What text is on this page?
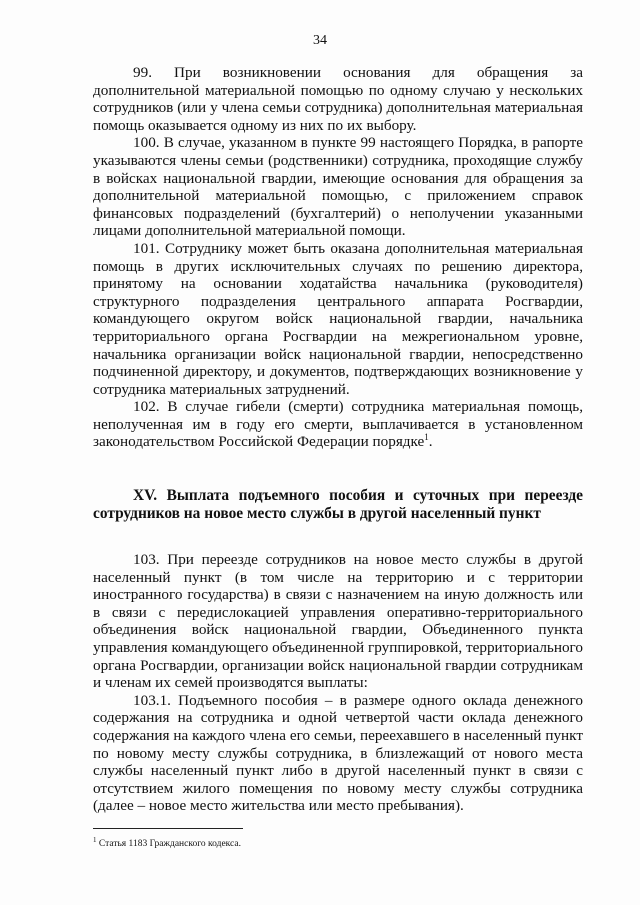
34

99. При возникновении основания для обращения за дополнительной материальной помощью по одному случаю у нескольких сотрудников (или у члена семьи сотрудника) дополнительная материальная помощь оказывается одному из них по их выбору.

100. В случае, указанном в пункте 99 настоящего Порядка, в рапорте указываются члены семьи (родственники) сотрудника, проходящие службу в войсках национальной гвардии, имеющие основания для обращения за дополнительной материальной помощью, с приложением справок финансовых подразделений (бухгалтерий) о неполучении указанными лицами дополнительной материальной помощи.

101. Сотруднику может быть оказана дополнительная материальная помощь в других исключительных случаях по решению директора, принятому на основании ходатайства начальника (руководителя) структурного подразделения центрального аппарата Росгвардии, командующего округом войск национальной гвардии, начальника территориального органа Росгвардии на межрегиональном уровне, начальника организации войск национальной гвардии, непосредственно подчиненной директору, и документов, подтверждающих возникновение у сотрудника материальных затруднений.

102. В случае гибели (смерти) сотрудника материальная помощь, неполученная им в году его смерти, выплачивается в установленном законодательством Российской Федерации порядке$^1$.

XV. Выплата подъемного пособия и суточных при переезде сотрудников на новое место службы в другой населенный пункт

103. При переезде сотрудников на новое место службы в другой населенный пункт (в том числе на территорию и с территории иностранного государства) в связи с назначением на иную должность или в связи с передислокацией управления оперативно-территориального объединения войск национальной гвардии, Объединенного пункта управления командующего объединенной группировкой, территориального органа Росгвардии, организации войск национальной гвардии сотрудникам и членам их семей производятся выплаты:

103.1. Подъемного пособия – в размере одного оклада денежного содержания на сотрудника и одной четвертой части оклада денежного содержания на каждого члена его семьи, переехавшего в населенный пункт по новому месту службы сотрудника, в близлежащий от нового места службы населенный пункт либо в другой населенный пункт в связи с отсутствием жилого помещения по новому месту службы сотрудника (далее – новое место жительства или место пребывания).

$^1$ Статья 1183 Гражданского кодекса.
